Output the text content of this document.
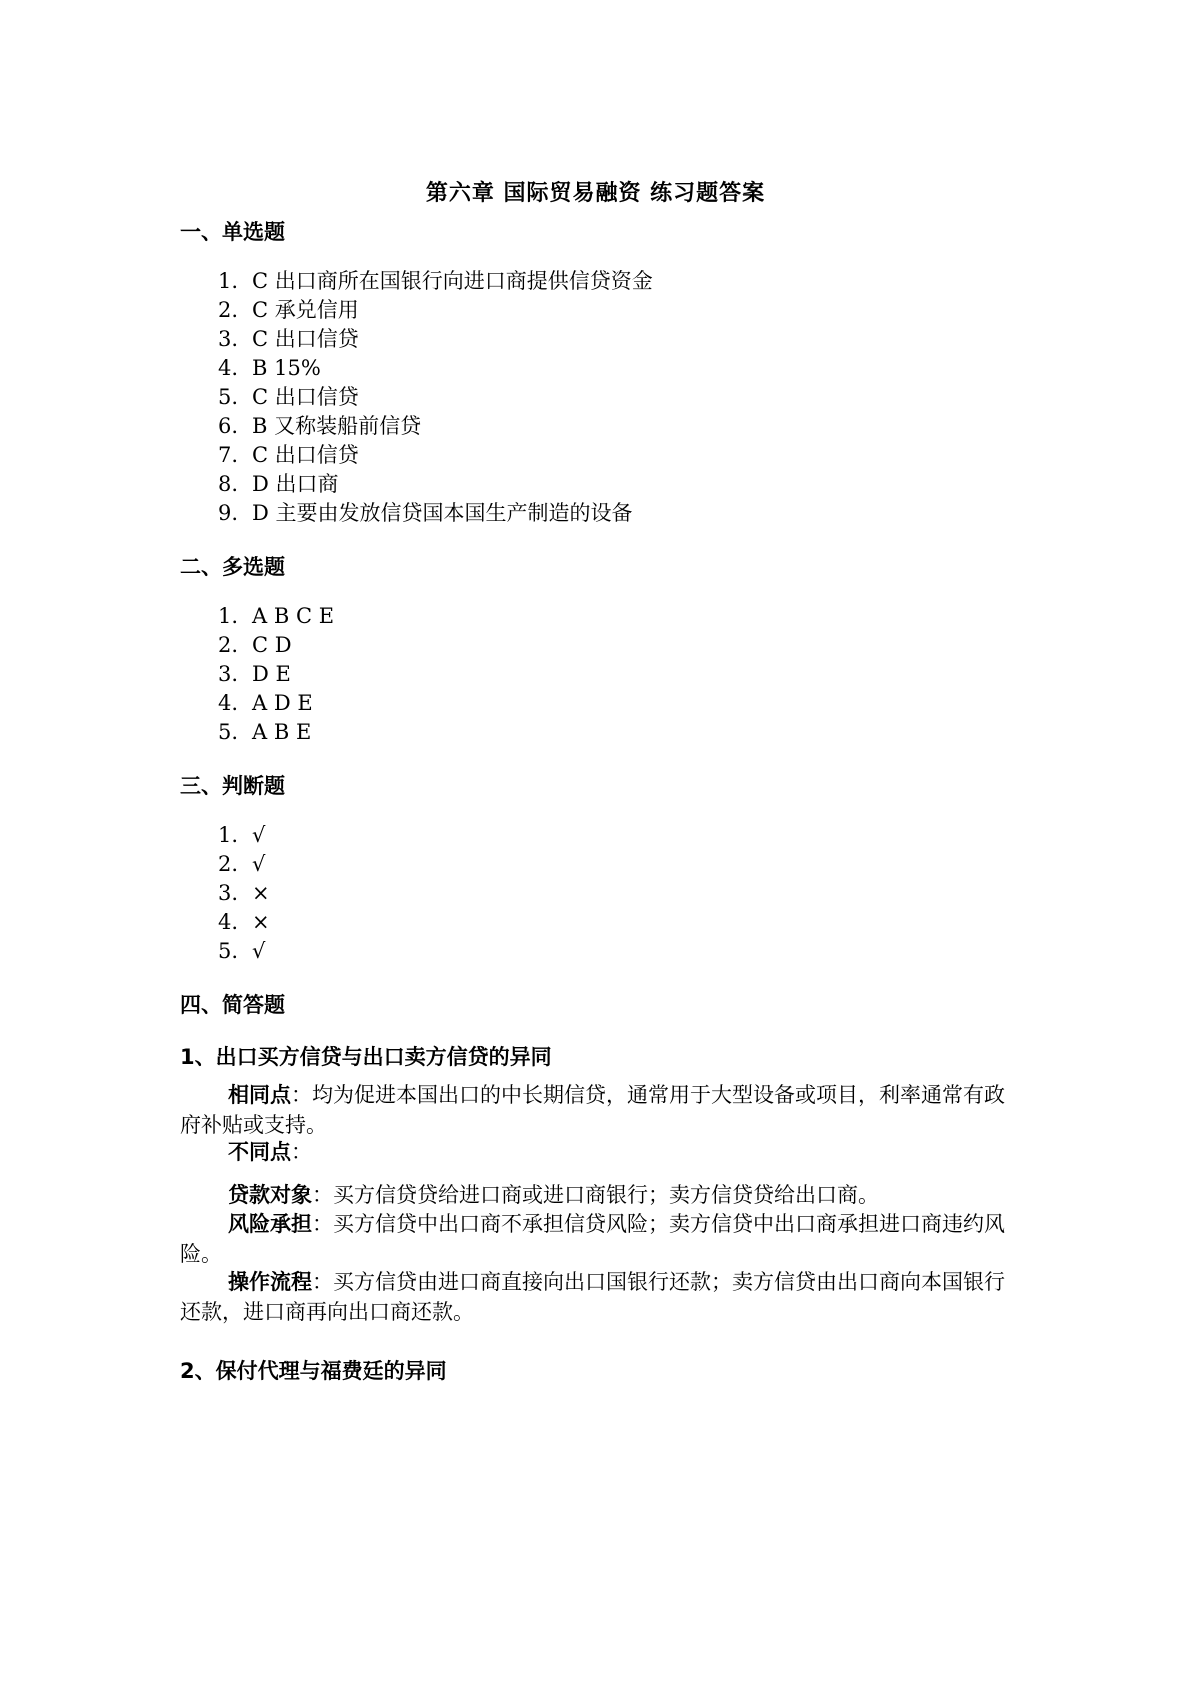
第六章 国际贸易融资 练习题答案
一、单选题
1. C 出口商所在国银行向进口商提供信贷资金
2. C 承兑信用
3. C 出口信贷
4. B 15%
5. C 出口信贷
6. B 又称装船前信贷
7. C 出口信贷
8. D 出口商
9. D 主要由发放信贷国本国生产制造的设备
二、多选题
1. A B C E
2. C D
3. D E
4. A D E
5. A B E
三、判断题
1. √
2. √
3. ×
4. ×
5. √
四、简答题
1、出口买方信贷与出口卖方信贷的异同
相同点：均为促进本国出口的中长期信贷，通常用于大型设备或项目，利率通常有政府补贴或支持。
不同点：
贷款对象：买方信贷贷给进口商或进口商银行；卖方信贷贷给出口商。
风险承担：买方信贷中出口商不承担信贷风险；卖方信贷中出口商承担进口商违约风险。
操作流程：买方信贷由进口商直接向出口国银行还款；卖方信贷由出口商向本国银行还款，进口商再向出口商还款。
2、保付代理与福费廷的异同
